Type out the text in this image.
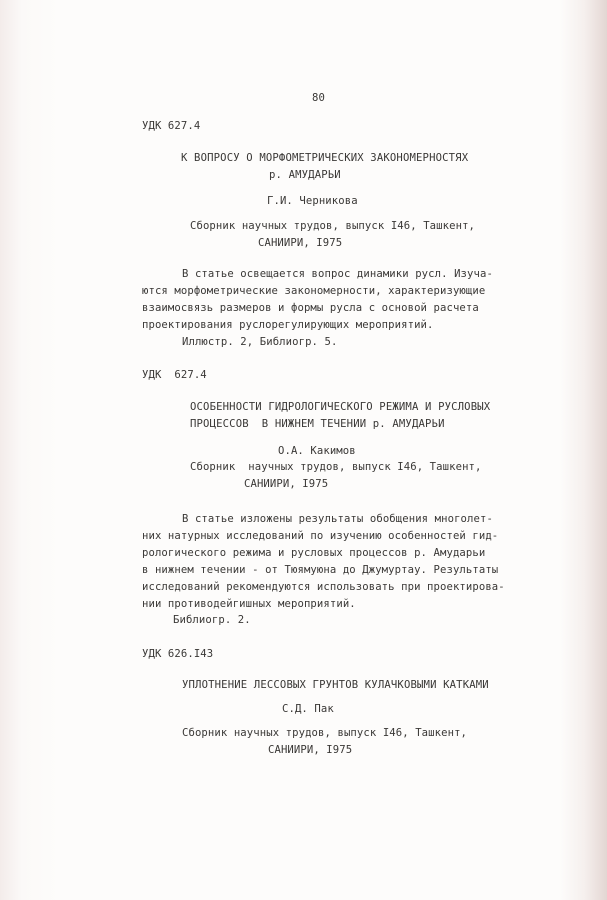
80
УДК 627.4
К ВОПРОСУ О МОРФОМЕТРИЧЕСКИХ ЗАКОНОМЕРНОСТЯХ
р. АМУДАРЬИ
Г.И. Черникова
Сборник научных трудов, выпуск I46, Ташкент,
САНИИРИ, I975
В статье освещается вопрос динамики русл. Изуча-
ются морфометрические закономерности, характеризующие
взаимосвязь размеров и формы русла с основой расчета
проектирования руслорегулирующих мероприятий.
Иллюстр. 2, Библиогр. 5.
УДК  627.4
ОСОБЕННОСТИ ГИДРОЛОГИЧЕСКОГО РЕЖИМА И РУСЛОВЫХ
ПРОЦЕССОВ  В НИЖНЕМ ТЕЧЕНИИ р. АМУДАРЬИ
О.А. Какимов
Сборник  научных трудов, выпуск I46, Ташкент,
САНИИРИ, I975
В статье изложены результаты обобщения многолет-
них натурных исследований по изучению особенностей гид-
рологического режима и русловых процессов р. Амударьи
в нижнем течении - от Тюямуюна до Джумуртау. Результаты
исследований рекомендуются использовать при проектирова-
нии противодейгишных мероприятий.
Библиогр. 2.
УДК 626.I43
УПЛОТНЕНИЕ ЛЕССОВЫХ ГРУНТОВ КУЛАЧКОВЫМИ КАТКАМИ
С.Д. Пак
Сборник научных трудов, выпуск I46, Ташкент,
САНИИРИ, I975
